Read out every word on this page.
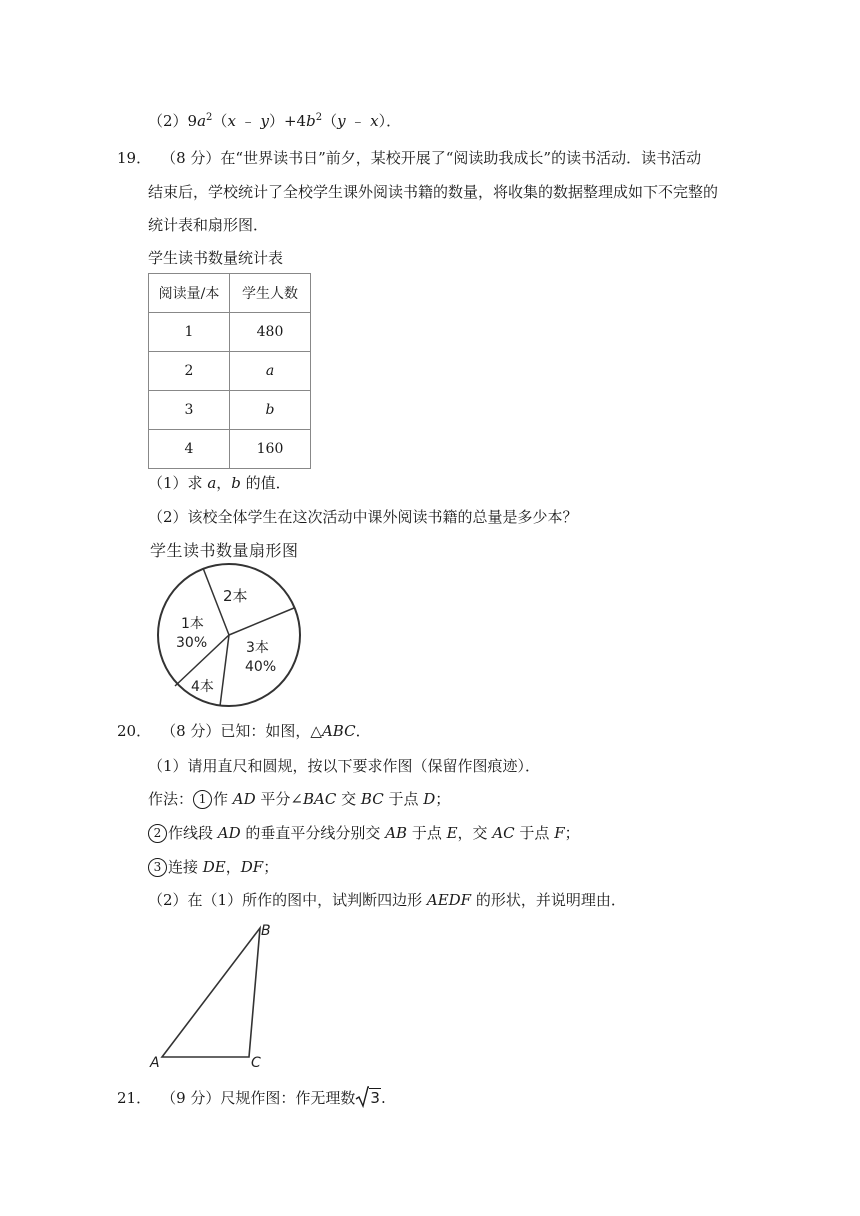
$(2)9a^2(x$ ﹣ $y)+4b^2(y$ ﹣ x）．
19． （8 分）在“世界读书日”前夕，某校开展了“阅读助我成长”的读书活动．读书活动
结束后，学校统计了全校学生课外阅读书籍的数量，将收集的数据整理成如下不完整的
统计表和扇形图．
学生读书数量统计表
阅读量/本	学生人数
1	480
2	a
3	b
4	160
（1）求 a，b 的值．
（2）该校全体学生在这次活动中课外阅读书籍的总量是多少本？
学生读书数量扇形图
2本
1本
30%	3本
40%
4本
20． （8 分）已知：如图，△ABC．
（1）请用直尺和圆规，按以下要求作图（保留作图痕迹）．
作法： 1 作 AD 平分∠BAC 交 BC 于点 D；
2 作线段 AD 的垂直平分线分别交 AB 于点 E，交 AC 于点 F；
3 连接 DE，DF；
（2）在（1）所作的图中，试判断四边形 AEDF 的形状，并说明理由．
A
B
C
21． （9 分）尺规作图：作无理数 3.
